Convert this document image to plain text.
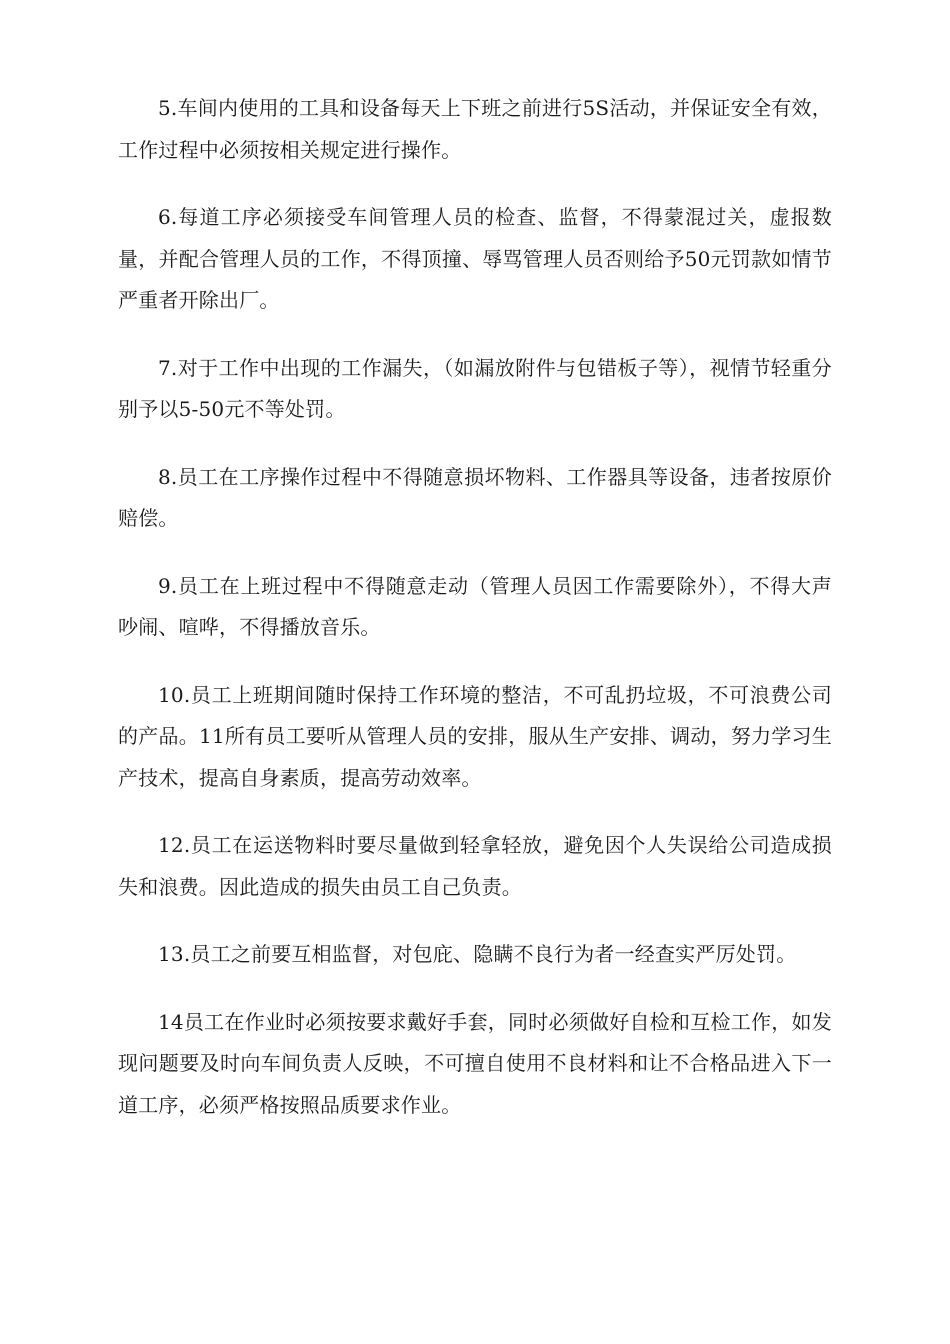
5.车间内使用的工具和设备每天上下班之前进行5S活动，并保证安全有效，工作过程中必须按相关规定进行操作。

6.每道工序必须接受车间管理人员的检查、监督，不得蒙混过关，虚报数量，并配合管理人员的工作，不得顶撞、辱骂管理人员否则给予50元罚款如情节严重者开除出厂。

7.对于工作中出现的工作漏失，（如漏放附件与包错板子等），视情节轻重分别予以5-50元不等处罚。

8.员工在工序操作过程中不得随意损坏物料、工作器具等设备，违者按原价赔偿。

9.员工在上班过程中不得随意走动（管理人员因工作需要除外），不得大声吵闹、喧哗，不得播放音乐。

10.员工上班期间随时保持工作环境的整洁，不可乱扔垃圾，不可浪费公司的产品。11所有员工要听从管理人员的安排，服从生产安排、调动，努力学习生产技术，提高自身素质，提高劳动效率。

12.员工在运送物料时要尽量做到轻拿轻放，避免因个人失误给公司造成损失和浪费。因此造成的损失由员工自己负责。

13.员工之前要互相监督，对包庇、隐瞒不良行为者一经查实严厉处罚。

14员工在作业时必须按要求戴好手套，同时必须做好自检和互检工作，如发现问题要及时向车间负责人反映，不可擅自使用不良材料和让不合格品进入下一道工序，必须严格按照品质要求作业。
